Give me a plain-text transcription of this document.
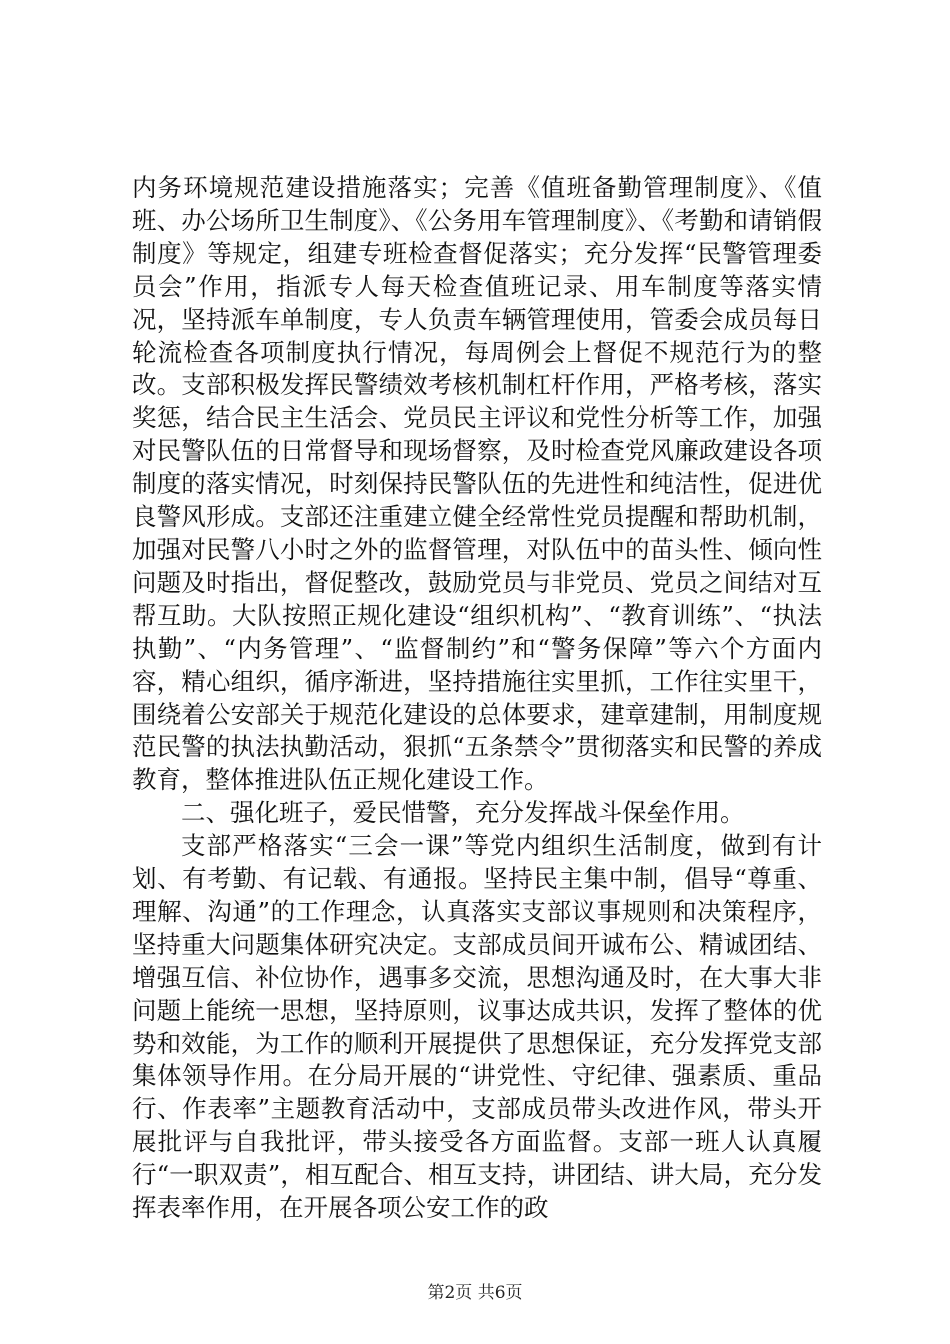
内务环境规范建设措施落实；完善《值班备勤管理制度》、《值班、办公场所卫生制度》、《公务用车管理制度》、《考勤和请销假制度》等规定，组建专班检查督促落实；充分发挥“民警管理委员会”作用，指派专人每天检查值班记录、用车制度等落实情况，坚持派车单制度，专人负责车辆管理使用，管委会成员每日轮流检查各项制度执行情况，每周例会上督促不规范行为的整改。支部积极发挥民警绩效考核机制杠杆作用，严格考核，落实奖惩，结合民主生活会、党员民主评议和党性分析等工作，加强对民警队伍的日常督导和现场督察，及时检查党风廉政建设各项制度的落实情况，时刻保持民警队伍的先进性和纯洁性，促进优良警风形成。支部还注重建立健全经常性党员提醒和帮助机制，加强对民警八小时之外的监督管理，对队伍中的苗头性、倾向性问题及时指出，督促整改，鼓励党员与非党员、党员之间结对互帮互助。大队按照正规化建设“组织机构”、“教育训练”、“执法执勤”、“内务管理”、“监督制约”和“警务保障”等六个方面内容，精心组织，循序渐进，坚持措施往实里抓，工作往实里干，围绕着公安部关于规范化建设的总体要求，建章建制，用制度规范民警的执法执勤活动，狠抓“五条禁令”贯彻落实和民警的养成教育，整体推进队伍正规化建设工作。

二、强化班子，爱民惜警，充分发挥战斗保垒作用。

支部严格落实“三会一课”等党内组织生活制度，做到有计划、有考勤、有记载、有通报。坚持民主集中制，倡导“尊重、理解、沟通”的工作理念，认真落实支部议事规则和决策程序，坚持重大问题集体研究决定。支部成员间开诚布公、精诚团结、增强互信、补位协作，遇事多交流，思想沟通及时，在大事大非问题上能统一思想，坚持原则，议事达成共识，发挥了整体的优势和效能，为工作的顺利开展提供了思想保证，充分发挥党支部集体领导作用。在分局开展的“讲党性、守纪律、强素质、重品行、作表率”主题教育活动中，支部成员带头改进作风，带头开展批评与自我批评，带头接受各方面监督。支部一班人认真履行“一职双责”，相互配合、相互支持，讲团结、讲大局，充分发挥表率作用，在开展各项公安工作的政

第2页 共6页
